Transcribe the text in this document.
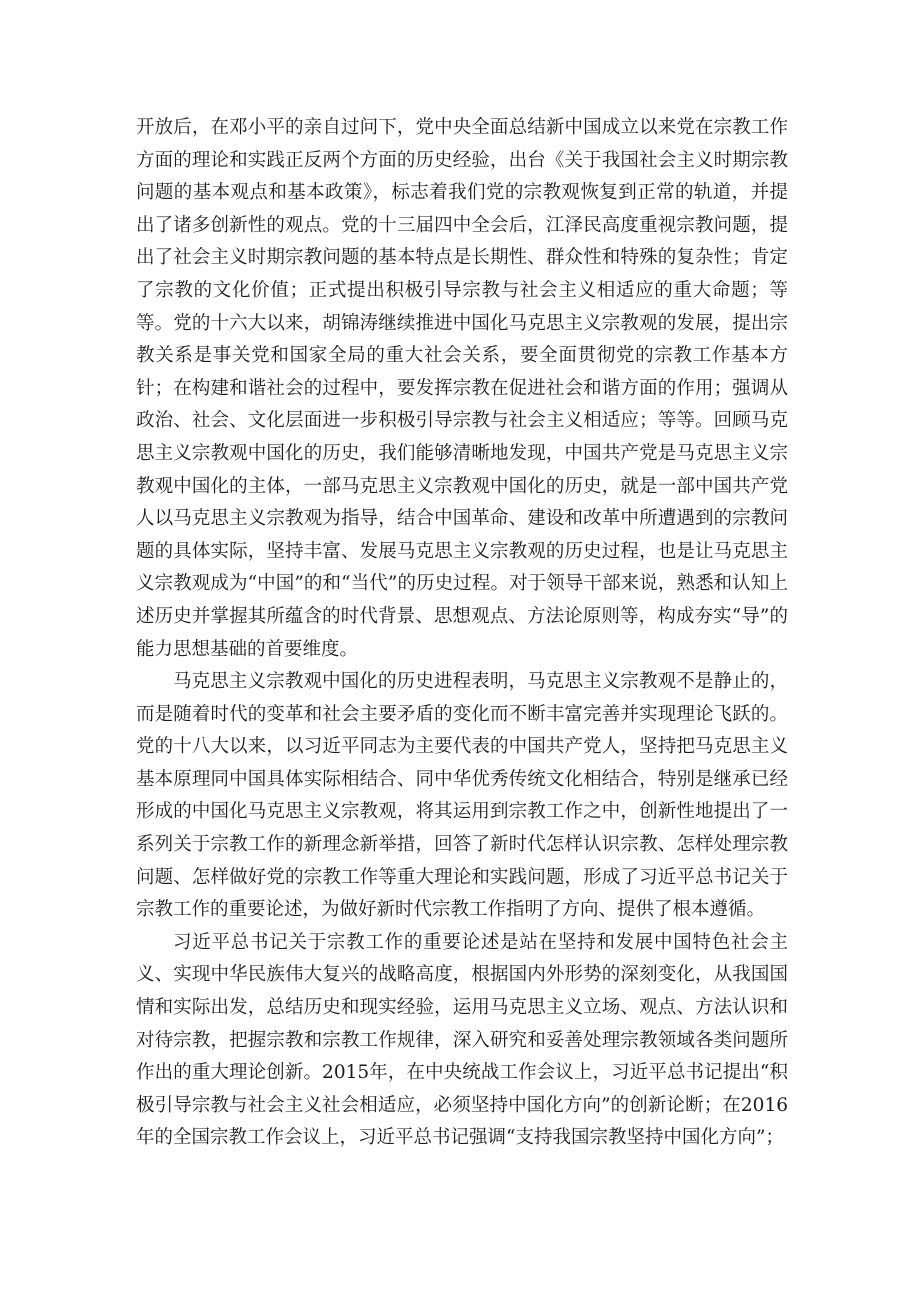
开放后，在邓小平的亲自过问下，党中央全面总结新中国成立以来党在宗教工作方面的理论和实践正反两个方面的历史经验，出台《关于我国社会主义时期宗教问题的基本观点和基本政策》，标志着我们党的宗教观恢复到正常的轨道，并提出了诸多创新性的观点。党的十三届四中全会后，江泽民高度重视宗教问题，提出了社会主义时期宗教问题的基本特点是长期性、群众性和特殊的复杂性；肯定了宗教的文化价值；正式提出积极引导宗教与社会主义相适应的重大命题；等等。党的十六大以来，胡锦涛继续推进中国化马克思主义宗教观的发展，提出宗教关系是事关党和国家全局的重大社会关系，要全面贯彻党的宗教工作基本方针；在构建和谐社会的过程中，要发挥宗教在促进社会和谐方面的作用；强调从政治、社会、文化层面进一步积极引导宗教与社会主义相适应；等等。回顾马克思主义宗教观中国化的历史，我们能够清晰地发现，中国共产党是马克思主义宗教观中国化的主体，一部马克思主义宗教观中国化的历史，就是一部中国共产党人以马克思主义宗教观为指导，结合中国革命、建设和改革中所遭遇到的宗教问题的具体实际，坚持丰富、发展马克思主义宗教观的历史过程，也是让马克思主义宗教观成为“中国”的和“当代”的历史过程。对于领导干部来说，熟悉和认知上述历史并掌握其所蕴含的时代背景、思想观点、方法论原则等，构成夯实“导”的能力思想基础的首要维度。

马克思主义宗教观中国化的历史进程表明，马克思主义宗教观不是静止的，而是随着时代的变革和社会主要矛盾的变化而不断丰富完善并实现理论飞跃的。党的十八大以来，以习近平同志为主要代表的中国共产党人，坚持把马克思主义基本原理同中国具体实际相结合、同中华优秀传统文化相结合，特别是继承已经形成的中国化马克思主义宗教观，将其运用到宗教工作之中，创新性地提出了一系列关于宗教工作的新理念新举措，回答了新时代怎样认识宗教、怎样处理宗教问题、怎样做好党的宗教工作等重大理论和实践问题，形成了习近平总书记关于宗教工作的重要论述，为做好新时代宗教工作指明了方向、提供了根本遵循。

习近平总书记关于宗教工作的重要论述是站在坚持和发展中国特色社会主义、实现中华民族伟大复兴的战略高度，根据国内外形势的深刻变化，从我国国情和实际出发，总结历史和现实经验，运用马克思主义立场、观点、方法认识和对待宗教，把握宗教和宗教工作规律，深入研究和妥善处理宗教领域各类问题所作出的重大理论创新。2015年，在中央统战工作会议上，习近平总书记提出“积极引导宗教与社会主义社会相适应，必须坚持中国化方向”的创新论断；在2016年的全国宗教工作会议上，习近平总书记强调“支持我国宗教坚持中国化方向”；
